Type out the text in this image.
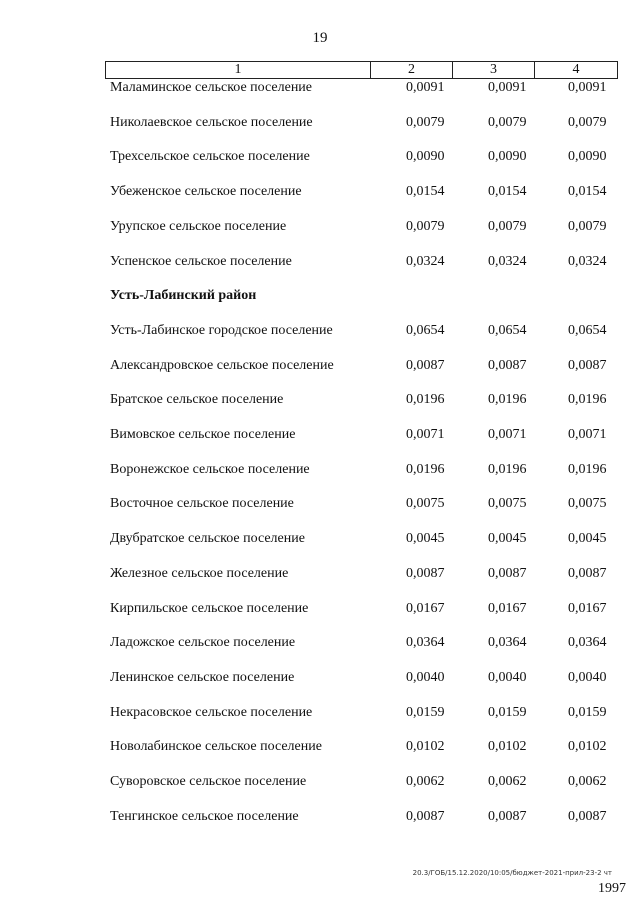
19
1	2	3	4
Маламинское сельское поселение	0,0091	0,0091	0,0091
Николаевское сельское поселение	0,0079	0,0079	0,0079
Трехсельское сельское поселение	0,0090	0,0090	0,0090
Убеженское сельское поселение	0,0154	0,0154	0,0154
Урупское сельское поселение	0,0079	0,0079	0,0079
Успенское сельское поселение	0,0324	0,0324	0,0324
Усть-Лабинский район
Усть-Лабинское городское поселение	0,0654	0,0654	0,0654
Александровское сельское поселение	0,0087	0,0087	0,0087
Братское сельское поселение	0,0196	0,0196	0,0196
Вимовское сельское поселение	0,0071	0,0071	0,0071
Воронежское сельское поселение	0,0196	0,0196	0,0196
Восточное сельское поселение	0,0075	0,0075	0,0075
Двубратское сельское поселение	0,0045	0,0045	0,0045
Железное сельское поселение	0,0087	0,0087	0,0087
Кирпильское сельское поселение	0,0167	0,0167	0,0167
Ладожское сельское поселение	0,0364	0,0364	0,0364
Ленинское сельское поселение	0,0040	0,0040	0,0040
Некрасовское сельское поселение	0,0159	0,0159	0,0159
Новолабинское сельское поселение	0,0102	0,0102	0,0102
Суворовское сельское поселение	0,0062	0,0062	0,0062
Тенгинское сельское поселение	0,0087	0,0087	0,0087
20.3/ГОБ/15.12.2020/10:05/бюджет-2021-прил-23-2 чт
1997
